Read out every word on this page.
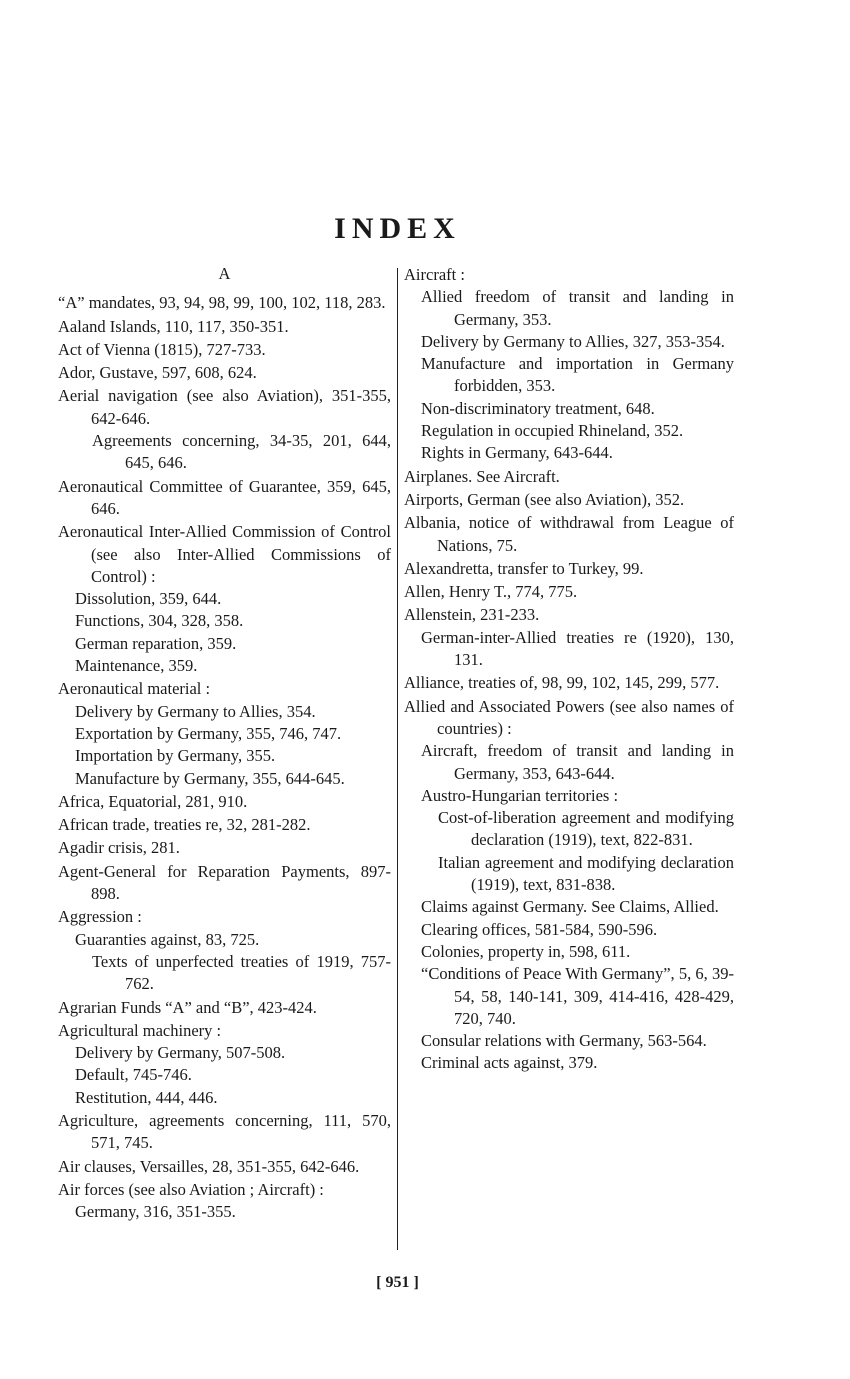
INDEX
A
“A” mandates, 93, 94, 98, 99, 100, 102, 118, 283.
Aaland Islands, 110, 117, 350-351.
Act of Vienna (1815), 727-733.
Ador, Gustave, 597, 608, 624.
Aerial navigation (see also Aviation), 351-355, 642-646.
Agreements concerning, 34-35, 201, 644, 645, 646.
Aeronautical Committee of Guarantee, 359, 645, 646.
Aeronautical Inter-Allied Commission of Control (see also Inter-Allied Commissions of Control) :
Dissolution, 359, 644.
Functions, 304, 328, 358.
German reparation, 359.
Maintenance, 359.
Aeronautical material :
Delivery by Germany to Allies, 354.
Exportation by Germany, 355, 746, 747.
Importation by Germany, 355.
Manufacture by Germany, 355, 644-645.
Africa, Equatorial, 281, 910.
African trade, treaties re, 32, 281-282.
Agadir crisis, 281.
Agent-General for Reparation Payments, 897-898.
Aggression :
Guaranties against, 83, 725.
Texts of unperfected treaties of 1919, 757-762.
Agrarian Funds “A” and “B”, 423-424.
Agricultural machinery :
Delivery by Germany, 507-508.
Default, 745-746.
Restitution, 444, 446.
Agriculture, agreements concerning, 111, 570, 571, 745.
Air clauses, Versailles, 28, 351-355, 642-646.
Air forces (see also Aviation ; Aircraft) :
Germany, 316, 351-355.
Aircraft :
Allied freedom of transit and landing in Germany, 353.
Delivery by Germany to Allies, 327, 353-354.
Manufacture and importation in Germany forbidden, 353.
Non-discriminatory treatment, 648.
Regulation in occupied Rhineland, 352.
Rights in Germany, 643-644.
Airplanes. See Aircraft.
Airports, German (see also Aviation), 352.
Albania, notice of withdrawal from League of Nations, 75.
Alexandretta, transfer to Turkey, 99.
Allen, Henry T., 774, 775.
Allenstein, 231-233.
German-inter-Allied treaties re (1920), 130, 131.
Alliance, treaties of, 98, 99, 102, 145, 299, 577.
Allied and Associated Powers (see also names of countries) :
Aircraft, freedom of transit and landing in Germany, 353, 643-644.
Austro-Hungarian territories :
Cost-of-liberation agreement and modifying declaration (1919), text, 822-831.
Italian agreement and modifying declaration (1919), text, 831-838.
Claims against Germany. See Claims, Allied.
Clearing offices, 581-584, 590-596.
Colonies, property in, 598, 611.
“Conditions of Peace With Germany”, 5, 6, 39-54, 58, 140-141, 309, 414-416, 428-429, 720, 740.
Consular relations with Germany, 563-564.
Criminal acts against, 379.
[ 951 ]
